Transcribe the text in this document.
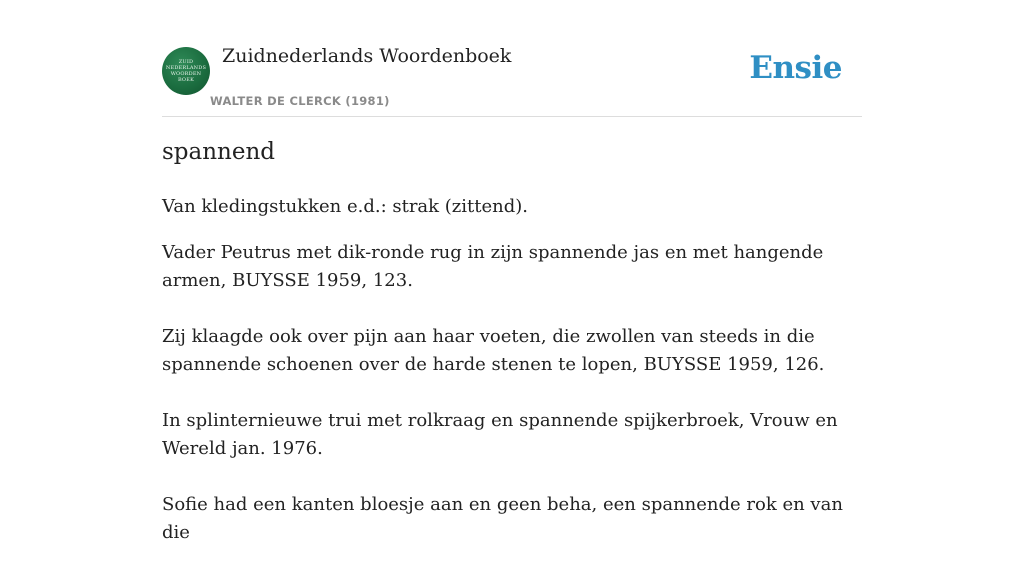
ZUID
NEDERLANDS
WOORDEN
BOEK
Zuidnederlands Woordenboek
WALTER DE CLERCK (1981)
Ensie
spannend

Van kledingstukken e.d.: strak (zittend).

Vader Peutrus met dik-ronde rug in zijn spannende jas en met hangende armen, BUYSSE 1959, 123.

Zij klaagde ook over pijn aan haar voeten, die zwollen van steeds in die spannende schoenen over de harde stenen te lopen, BUYSSE 1959, 126.

In splinternieuwe trui met rolkraag en spannende spijkerbroek, Vrouw en Wereld jan. 1976.

Sofie had een kanten bloesje aan en geen beha, een spannende rok en van die
